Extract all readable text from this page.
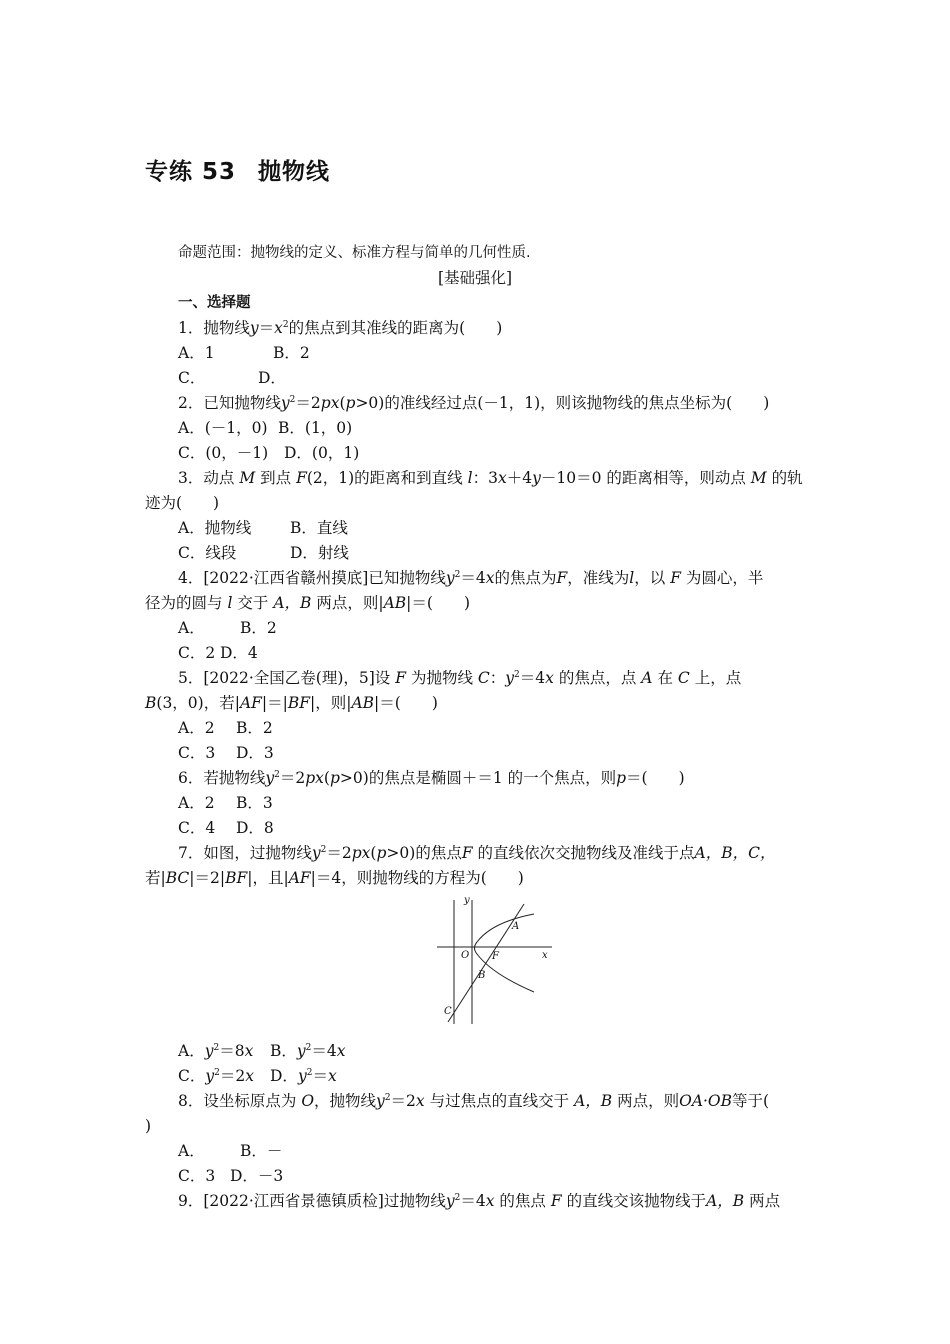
专练 53 抛物线
命题范围：抛物线的定义、标准方程与简单的几何性质.
[基础强化]
一、选择题
1．抛物线$y=x^2$的焦点到其准线的距离为(　　)
A．1	B．2
C．	D．
2．已知抛物线$y^2=2px(p>0)$的准线经过点(－1，1)，则该抛物线的焦点坐标为(　　)
A．(－1，0) B．(1，0)
C．(0，－1) D．(0，1)
3．动点 M 到点 F(2，1)的距离和到直线 l：3x＋4y－10＝0 的距离相等，则动点 M 的轨
迹为(　　)
A．抛物线	B．直线
C．线段	D．射线
4．[2022·江西省赣州摸底]已知抛物线$y^2=4x$的焦点为F，准线为l，以 F 为圆心，半
径为的圆与 l 交于 A，B 两点，则|AB|＝(　　)
A． B．2
C．2 D．4
5．[2022·全国乙卷(理)，5]设 F 为抛物线 C：$y^2=4x$ 的焦点，点 A 在 C 上，点
B(3，0)，若|AF|＝|BF|，则|AB|＝(　　)
A．2 B．2
C．3 D．3
6．若抛物线$y^2=2px(p>0)$的焦点是椭圆＋＝1 的一个焦点，则p＝(　　)
A．2 B．3
C．4 D．8
7．如图，过抛物线$y^2=2px(p>0)$的焦点F 的直线依次交抛物线及准线于点A，B，C，
若|BC|＝2|BF|，且|AF|＝4，则抛物线的方程为(　　)
y
x
O F
A
B
C
A．$y^2=8x$ B．$y^2=4x$
C．$y^2=2x$ D．$y^2=x$
8．设坐标原点为 O，抛物线$y^2=2x$ 与过焦点的直线交于 A，B 两点，则OA·OB等于(
)
A． B．－
C．3 D．－3
9．[2022·江西省景德镇质检]过抛物线$y^2=4x$ 的焦点 F 的直线交该抛物线于A，B 两点
